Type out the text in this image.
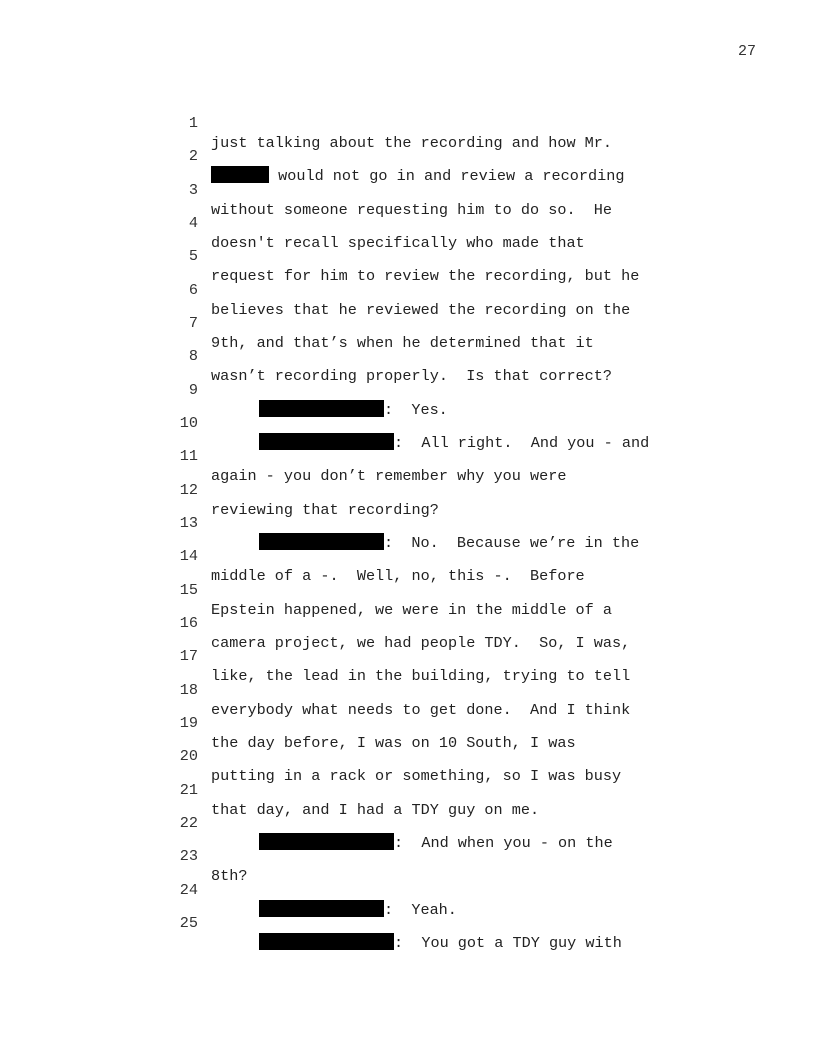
27

1

just talking about the recording and how Mr.

2

would not go in and review a recording

3

without someone requesting him to do so.  He

4

doesn't recall specifically who made that

5

request for him to review the recording, but he

6

believes that he reviewed the recording on the

7

9th, and that’s when he determined that it

8

wasn’t recording properly.  Is that correct?

9

:  Yes.

10

:  All right.  And you - and

11

again - you don’t remember why you were

12

reviewing that recording?

13

:  No.  Because we’re in the

14

middle of a -.  Well, no, this -.  Before

15

Epstein happened, we were in the middle of a

16

camera project, we had people TDY.  So, I was,

17

like, the lead in the building, trying to tell

18

everybody what needs to get done.  And I think

19

the day before, I was on 10 South, I was

20

putting in a rack or something, so I was busy

21

that day, and I had a TDY guy on me.

22

:  And when you - on the

23

8th?

24

:  Yeah.

25

:  You got a TDY guy with
